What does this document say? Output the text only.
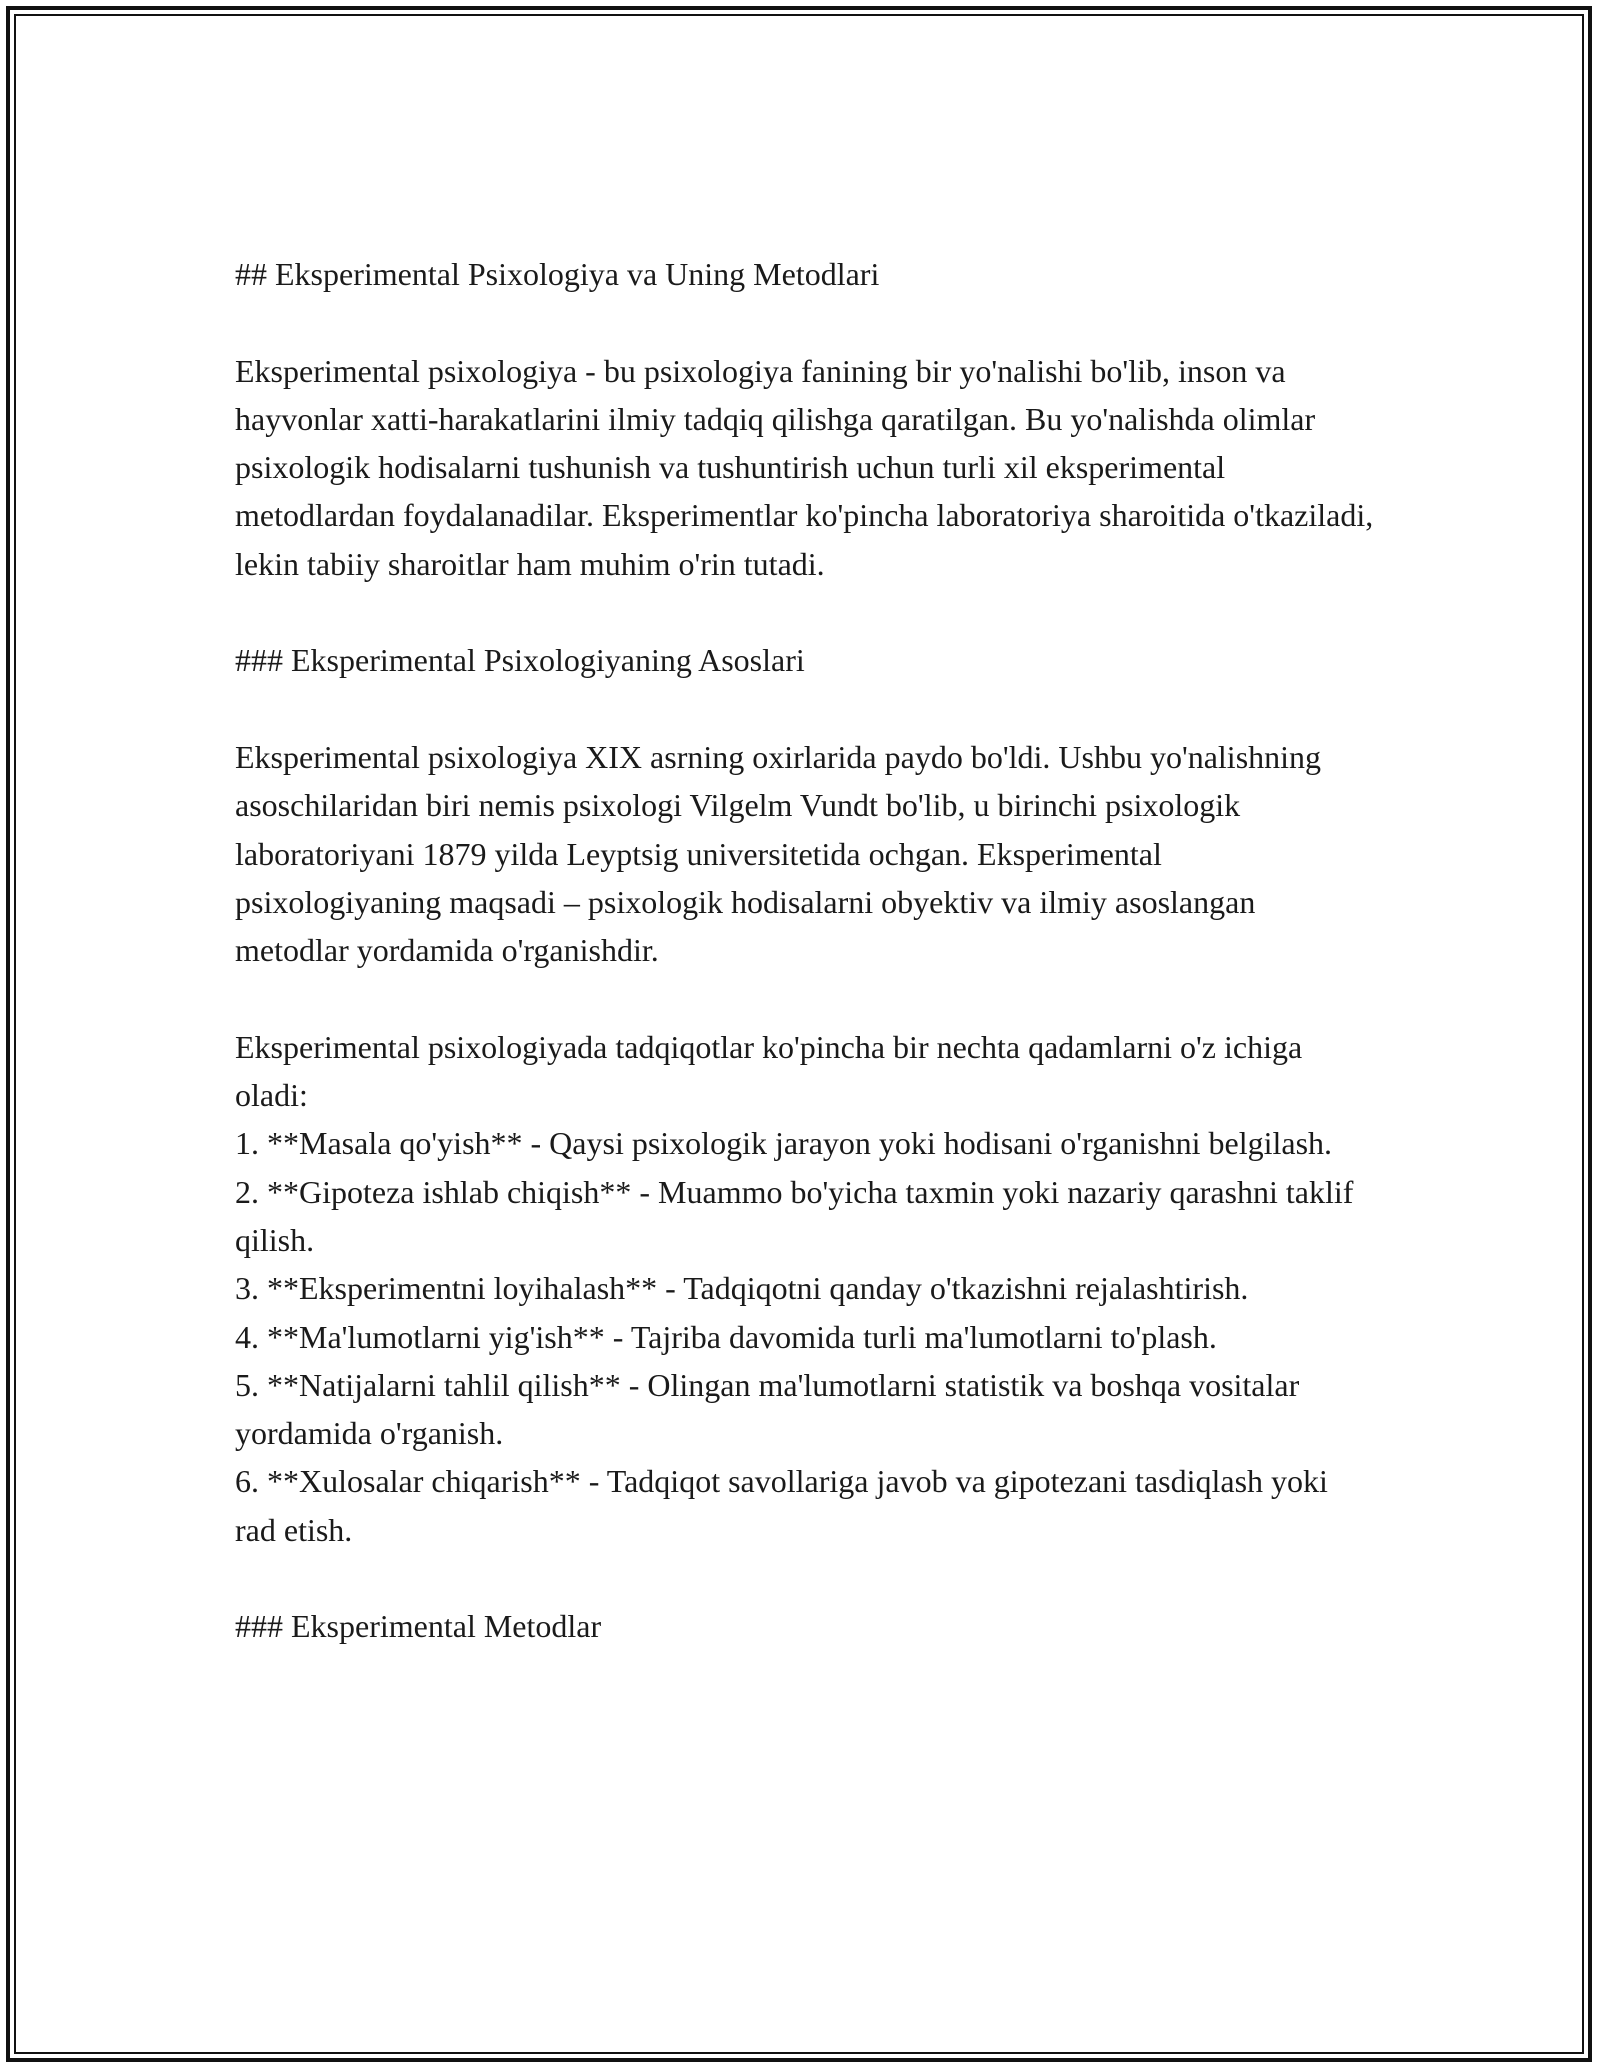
## Eksperimental Psixologiya va Uning Metodlari

Eksperimental psixologiya - bu psixologiya fanining bir yo'nalishi bo'lib, inson va hayvonlar xatti-harakatlarini ilmiy tadqiq qilishga qaratilgan. Bu yo'nalishda olimlar psixologik hodisalarni tushunish va tushuntirish uchun turli xil eksperimental metodlardan foydalanadilar. Eksperimentlar ko'pincha laboratoriya sharoitida o'tkaziladi, lekin tabiiy sharoitlar ham muhim o'rin tutadi.

### Eksperimental Psixologiyaning Asoslari

Eksperimental psixologiya XIX asrning oxirlarida paydo bo'ldi. Ushbu yo'nalishning asoschilaridan biri nemis psixologi Vilgelm Vundt bo'lib, u birinchi psixologik laboratoriyani 1879 yilda Leyptsig universitetida ochgan. Eksperimental psixologiyaning maqsadi – psixologik hodisalarni obyektiv va ilmiy asoslangan metodlar yordamida o'rganishdir.

Eksperimental psixologiyada tadqiqotlar ko'pincha bir nechta qadamlarni o'z ichiga oladi:
1. **Masala qo'yish** - Qaysi psixologik jarayon yoki hodisani o'rganishni belgilash.
2. **Gipoteza ishlab chiqish** - Muammo bo'yicha taxmin yoki nazariy qarashni taklif qilish.
3. **Eksperimentni loyihalash** - Tadqiqotni qanday o'tkazishni rejalashtirish.
4. **Ma'lumotlarni yig'ish** - Tajriba davomida turli ma'lumotlarni to'plash.
5. **Natijalarni tahlil qilish** - Olingan ma'lumotlarni statistik va boshqa vositalar yordamida o'rganish.
6. **Xulosalar chiqarish** - Tadqiqot savollariga javob va gipotezani tasdiqlash yoki rad etish.

### Eksperimental Metodlar
